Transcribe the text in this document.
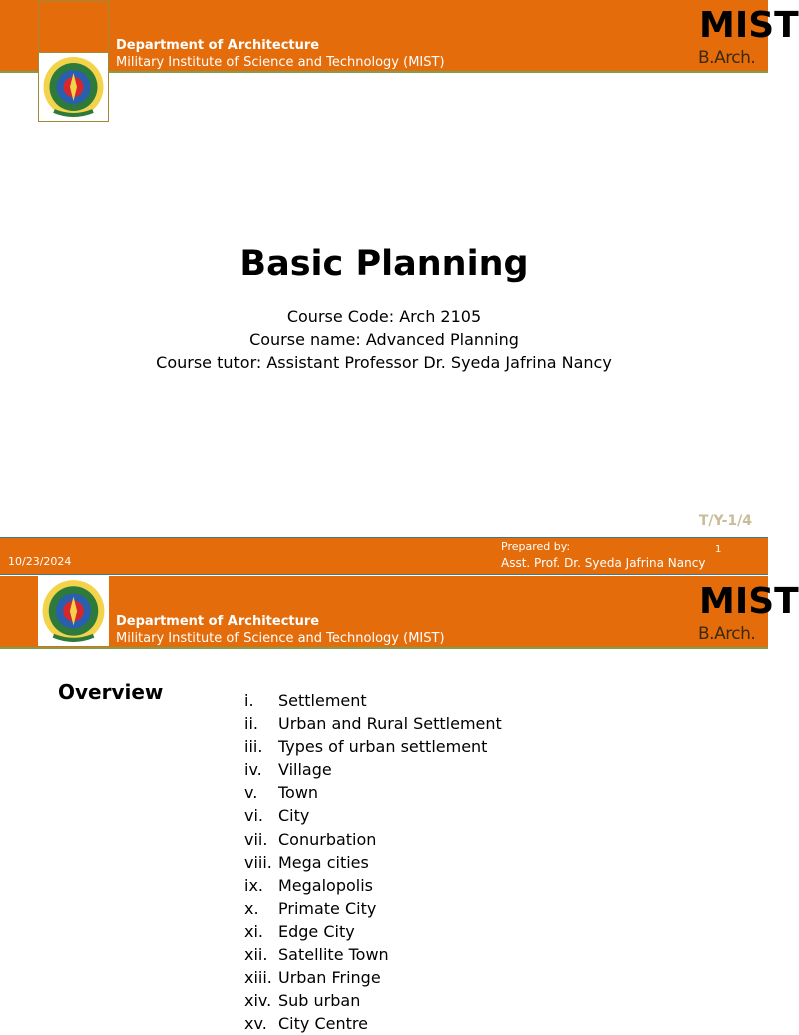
Department of Architecture
Military Institute of Science and Technology (MIST)	B.Arch.
MIST
Basic Planning
Course Code: Arch 2105
Course name: Advanced Planning
Course tutor: Assistant Professor Dr. Syeda Jafrina Nancy
T/Y-1/4
10/23/2024
Prepared by:
Asst. Prof. Dr. Syeda Jafrina Nancy
1
Department of Architecture
Military Institute of Science and Technology (MIST)	B.Arch.
MIST
Overview	i. Settlement
ii. Urban and Rural Settlement
iii. Types of urban settlement
iv. Village
v. Town
vi. City
vii. Conurbation
viii. Mega cities
ix. Megalopolis
x. Primate City
xi. Edge City
xii. Satellite Town
xiii. Urban Fringe
xiv. Sub urban
xv. City Centre
